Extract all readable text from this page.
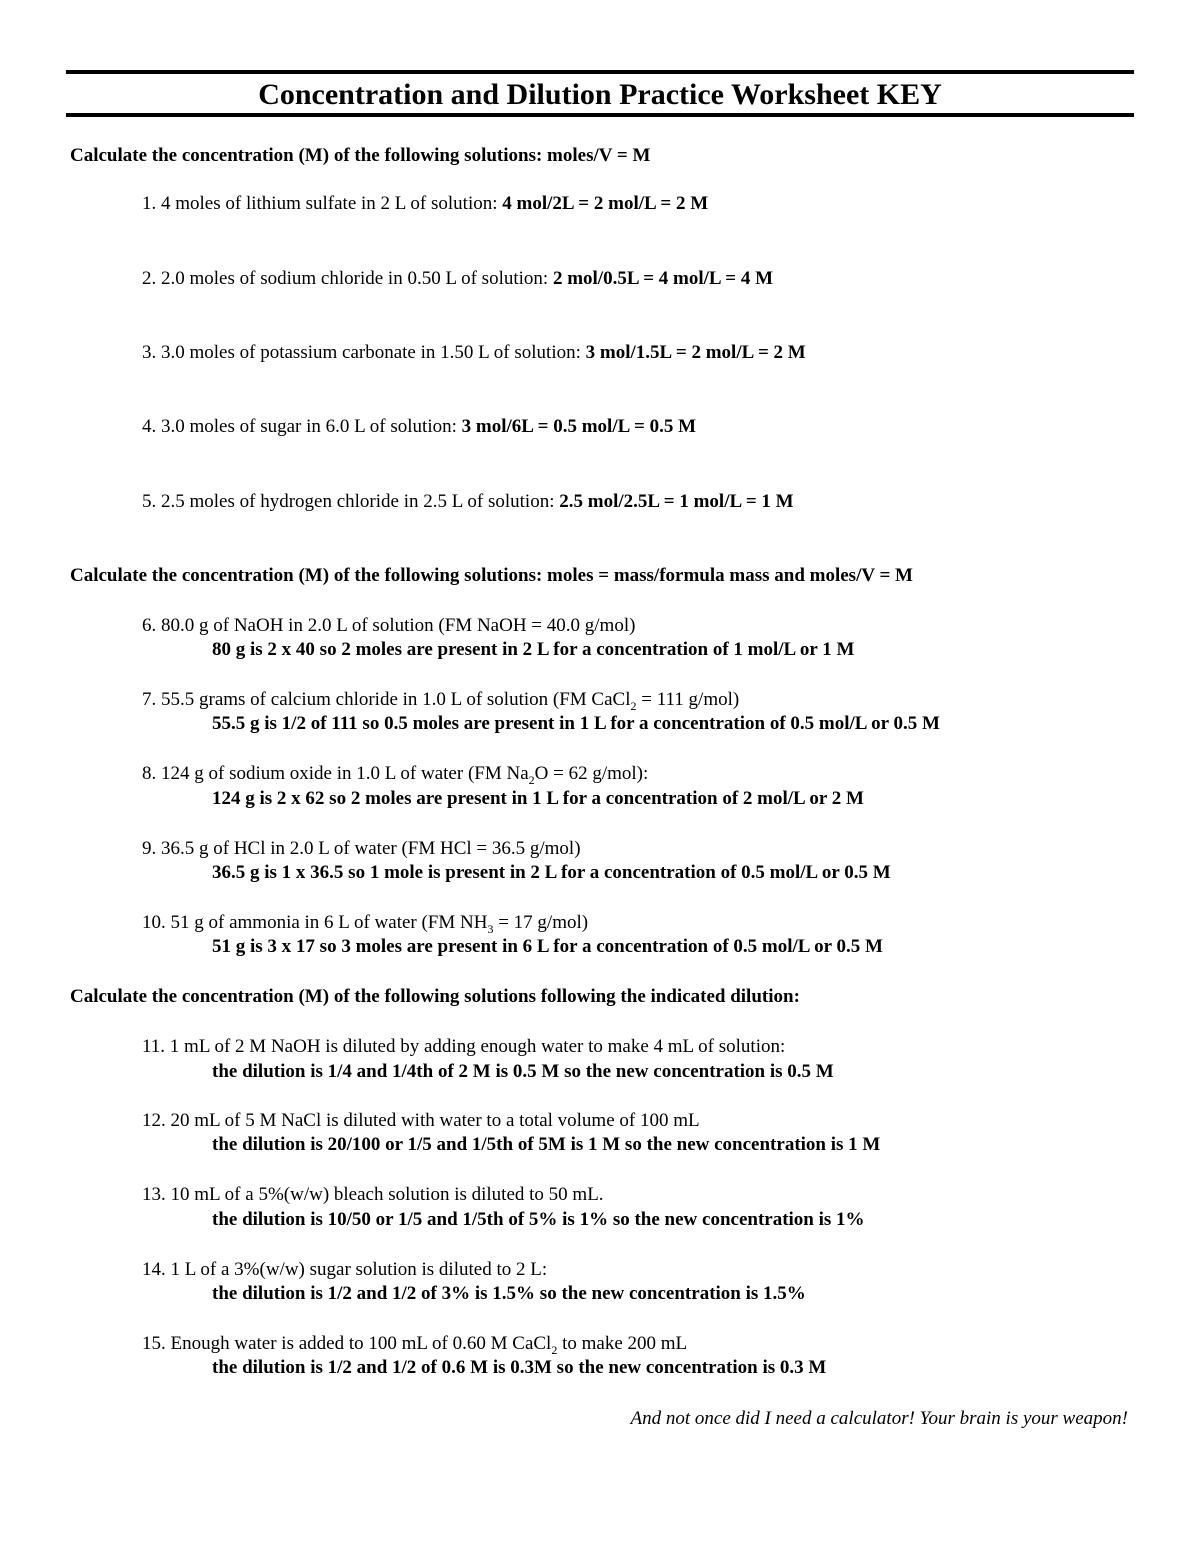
Concentration and Dilution Practice Worksheet KEY
Calculate the concentration (M) of the following solutions: moles/V = M
1. 4 moles of lithium sulfate in 2 L of solution: 4 mol/2L = 2 mol/L = 2 M
2. 2.0 moles of sodium chloride in 0.50 L of solution: 2 mol/0.5L = 4 mol/L = 4 M
3. 3.0 moles of potassium carbonate in 1.50 L of solution: 3 mol/1.5L = 2 mol/L = 2 M
4. 3.0 moles of sugar in 6.0 L of solution: 3 mol/6L = 0.5 mol/L = 0.5 M
5. 2.5 moles of hydrogen chloride in 2.5 L of solution: 2.5 mol/2.5L = 1 mol/L = 1 M
Calculate the concentration (M) of the following solutions: moles = mass/formula mass and moles/V = M
6. 80.0 g of NaOH in 2.0 L of solution (FM NaOH = 40.0 g/mol)
80 g is 2 x 40 so 2 moles are present in 2 L for a concentration of 1 mol/L or 1 M
7. 55.5 grams of calcium chloride in 1.0 L of solution (FM CaCl$_2$ = 111 g/mol)
55.5 g is 1/2 of 111 so 0.5 moles are present in 1 L for a concentration of 0.5 mol/L or 0.5 M
8. 124 g of sodium oxide in 1.0 L of water (FM $Na_2O = 62$ g/mol):
124 g is 2 x 62 so 2 moles are present in 1 L for a concentration of 2 mol/L or 2 M
9. 36.5 g of HCl in 2.0 L of water (FM HCl = 36.5 g/mol)
36.5 g is 1 x 36.5 so 1 mole is present in 2 L for a concentration of 0.5 mol/L or 0.5 M
10. 51 g of ammonia in 6 L of water (FM $NH_3 = 17$ g/mol)
51 g is 3 x 17 so 3 moles are present in 6 L for a concentration of 0.5 mol/L or 0.5 M
Calculate the concentration (M) of the following solutions following the indicated dilution:
11. 1 mL of 2 M NaOH is diluted by adding enough water to make 4 mL of solution:
the dilution is 1/4 and 1/4th of 2 M is 0.5 M so the new concentration is 0.5 M
12. 20 mL of 5 M NaCl is diluted with water to a total volume of 100 mL
the dilution is 20/100 or 1/5 and 1/5th of 5M is 1 M so the new concentration is 1 M
13. 10 mL of a 5%(w/w) bleach solution is diluted to 50 mL.
the dilution is 10/50 or 1/5 and 1/5th of 5% is 1% so the new concentration is 1%
14. 1 L of a 3%(w/w) sugar solution is diluted to 2 L:
the dilution is 1/2 and 1/2 of 3% is 1.5% so the new concentration is 1.5%
15. Enough water is added to 100 mL of 0.60 M CaCl$_2$ to make 200 mL
the dilution is 1/2 and 1/2 of 0.6 M is 0.3M so the new concentration is 0.3 M
And not once did I need a calculator! Your brain is your weapon!
